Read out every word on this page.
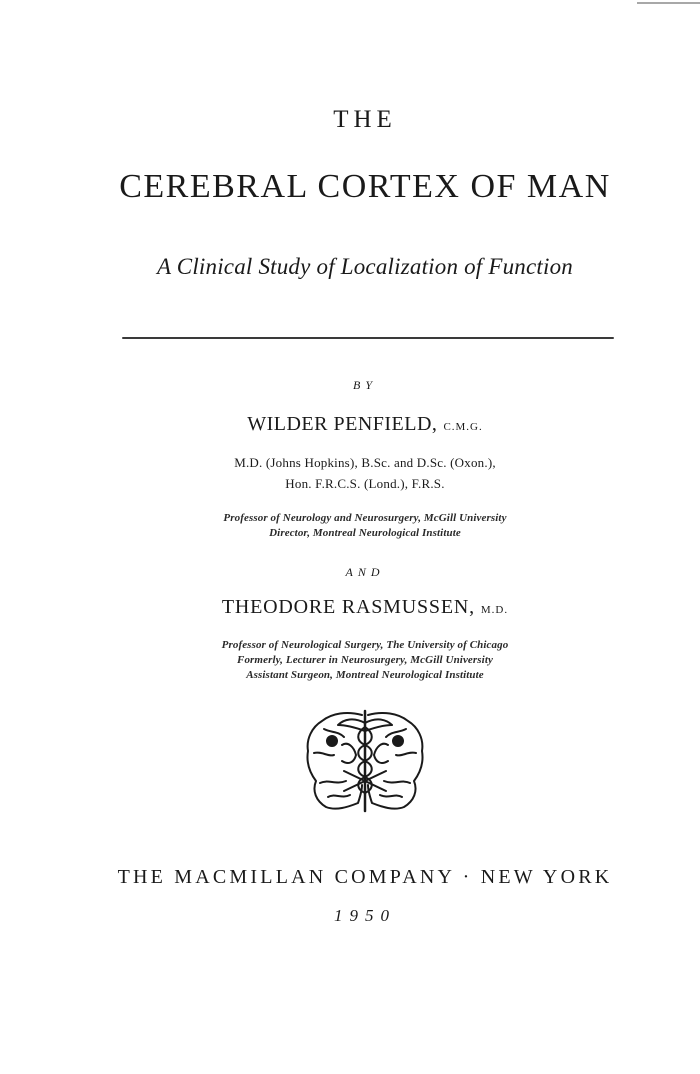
THE
CEREBRAL CORTEX OF MAN
A Clinical Study of Localization of Function
BY
WILDER PENFIELD, C.M.G.
M.D. (Johns Hopkins), B.Sc. and D.Sc. (Oxon.),
Hon. F.R.C.S. (Lond.), F.R.S.
Professor of Neurology and Neurosurgery, McGill University
Director, Montreal Neurological Institute
AND
THEODORE RASMUSSEN, M.D.
Professor of Neurological Surgery, The University of Chicago
Formerly, Lecturer in Neurosurgery, McGill University
Assistant Surgeon, Montreal Neurological Institute
THE MACMILLAN COMPANY · NEW YORK
1950
